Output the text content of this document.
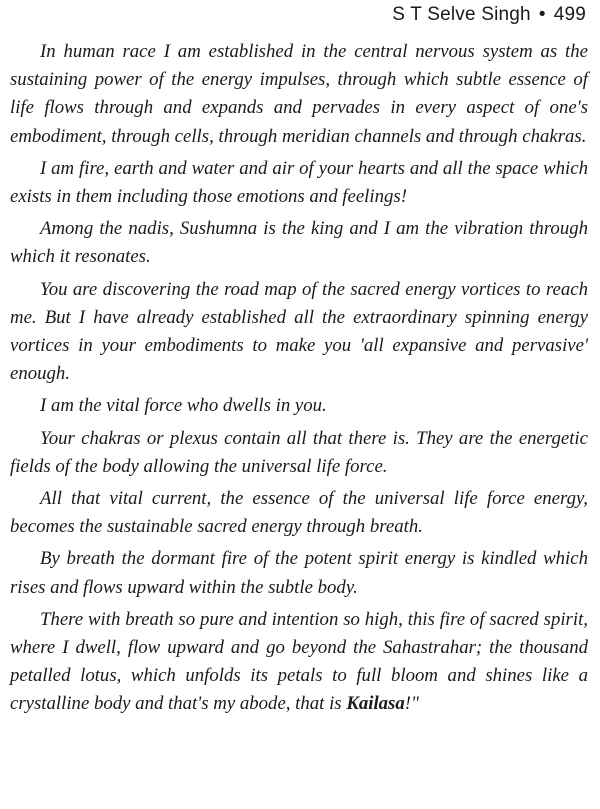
S T Selve Singh • 499

In human race I am established in the central nervous system as the sustaining power of the energy impulses, through which subtle essence of life flows through and expands and pervades in every aspect of one's embodiment, through cells, through meridian channels and through chakras.

I am fire, earth and water and air of your hearts and all the space which exists in them including those emotions and feelings!

Among the nadis, Sushumna is the king and I am the vibration through which it resonates.

You are discovering the road map of the sacred energy vortices to reach me. But I have already established all the extraordinary spinning energy vortices in your embodiments to make you 'all expansive and pervasive' enough.

I am the vital force who dwells in you.

Your chakras or plexus contain all that there is. They are the energetic fields of the body allowing the universal life force.

All that vital current, the essence of the universal life force energy, becomes the sustainable sacred energy through breath.

By breath the dormant fire of the potent spirit energy is kindled which rises and flows upward within the subtle body.

There with breath so pure and intention so high, this fire of sacred spirit, where I dwell, flow upward and go beyond the Sahastrahar; the thousand petalled lotus, which unfolds its petals to full bloom and shines like a crystalline body and that's my abode, that is Kailasa!"
